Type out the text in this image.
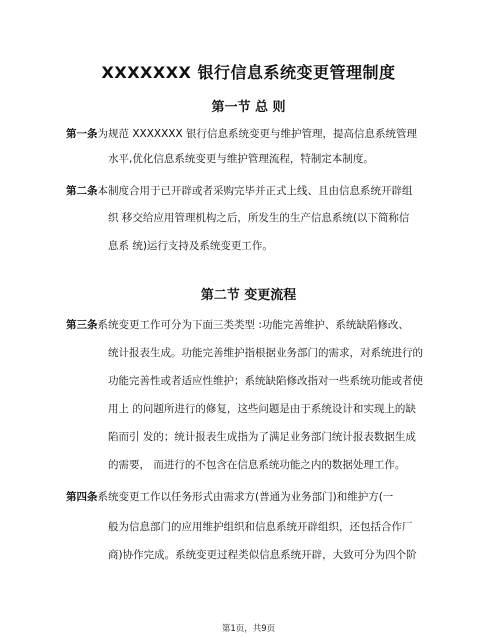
XXXXXXX 银行信息系统变更管理制度
第一节 总 则
第一条为规范 XXXXXXX 银行信息系统变更与维护管理，提高信息系统管理
水平,优化信息系统变更与维护管理流程，特制定本制度。
第二条本制度合用于已开辟或者采购完毕并正式上线、且由信息系统开辟组
织 移交给应用管理机构之后，所发生的生产信息系统(以下简称信
息系 统)运行支持及系统变更工作。
第二节 变更流程
第三条系统变更工作可分为下面三类类型 :功能完善维护、系统缺陷修改、
统计报表生成。功能完善维护指根据业务部门的需求，对系统进行的
功能完善性或者适应性维护；系统缺陷修改指对一些系统功能或者使
用上 的问题所进行的修复，这些问题是由于系统设计和实现上的缺
陷而引 发的；统计报表生成指为了满足业务部门统计报表数据生成
的需要， 而进行的不包含在信息系统功能之内的数据处理工作。
第四条系统变更工作以任务形式由需求方(普通为业务部门)和维护方(一
般为信息部门的应用维护组织和信息系统开辟组织，还包括合作厂
商)协作完成。系统变更过程类似信息系统开辟，大致可分为四个阶
第1页，共9页
